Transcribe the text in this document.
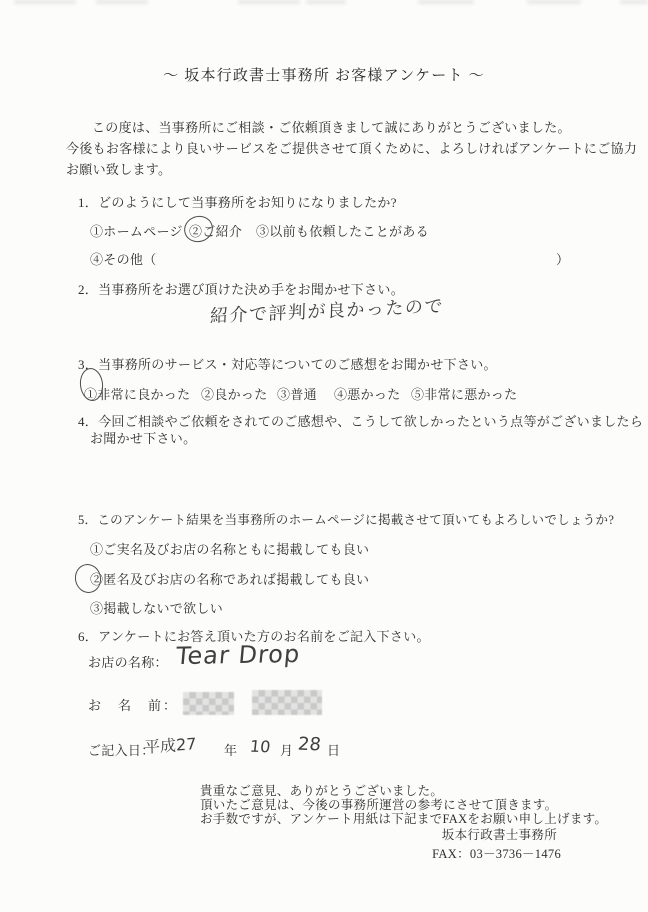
～ 坂本行政書士事務所 お客様アンケート ～
この度は、当事務所にご相談・ご依頼頂きまして誠にありがとうございました。
今後もお客様により良いサービスをご提供させて頂くために、よろしければアンケートにご協力
お願い致します。
1．どのようにして当事務所をお知りになりましたか?
①ホームページ ②ご紹介 ③以前も依頼したことがある
④その他（	）
2．当事務所をお選び頂けた決め手をお聞かせ下さい。
紹介で評判が良かったので
3．当事務所のサービス・対応等についてのご感想をお聞かせ下さい。
①非常に良かった ②良かった ③普通 ④悪かった ⑤非常に悪かった
4．今回ご相談やご依頼をされてのご感想や、こうして欲しかったという点等がございましたら
お聞かせ下さい。
5．このアンケート結果を当事務所のホームページに掲載させて頂いてもよろしいでしょうか?
①ご実名及びお店の名称ともに掲載しても良い
②匿名及びお店の名称であれば掲載しても良い
③掲載しないで欲しい
6．アンケートにお答え頂いた方のお名前をご記入下さい。
お店の名称： Tear Drop
お　名　前：
ご記入日：
平成27 年 10 月 28 日
貴重なご意見、ありがとうございました。
頂いたご意見は、今後の事務所運営の参考にさせて頂きます。
お手数ですが、アンケート用紙は下記までFAXをお願い申し上げます。
坂本行政書士事務所
FAX：03－3736－1476
